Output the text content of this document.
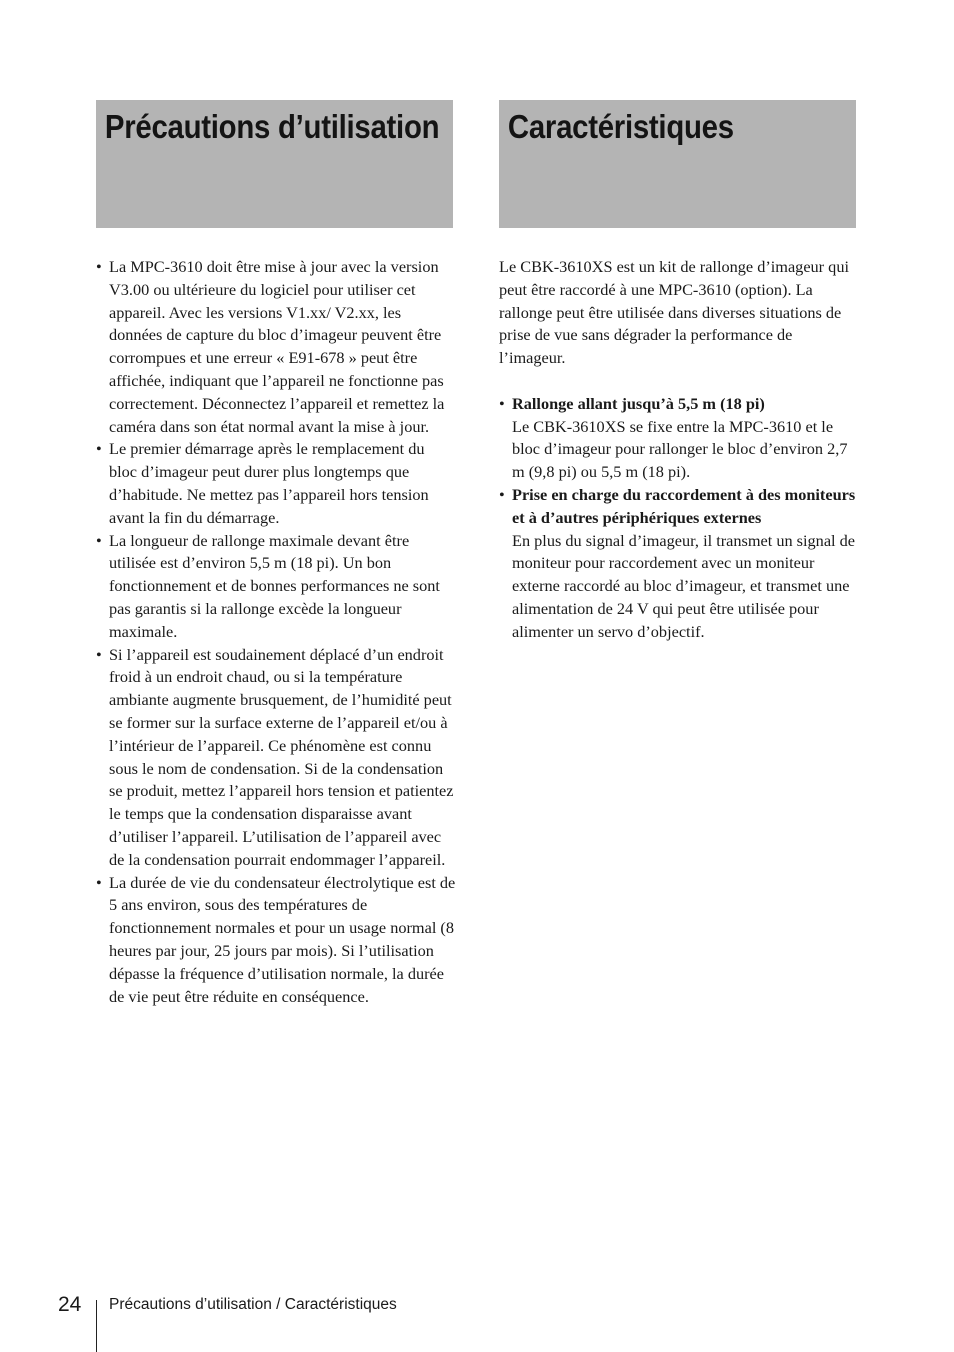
Précautions d’utilisation Caractéristiques
•
La MPC-3610 doit être mise à jour avec la version V3.00 ou ultérieure du logiciel pour utiliser cet appareil. Avec les versions V1.xx/ V2.xx, les données de capture du bloc d’imageur peuvent être corrompues et une erreur « E91-678 » peut être affichée, indiquant que l’appareil ne fonctionne pas correctement. Déconnectez l’appareil et remettez la caméra dans son état normal avant la mise à jour.
•
Le premier démarrage après le remplacement du bloc d’imageur peut durer plus longtemps que d’habitude. Ne mettez pas l’appareil hors tension avant la fin du démarrage.
•
La longueur de rallonge maximale devant être utilisée est d’environ 5,5 m (18 pi). Un bon fonctionnement et de bonnes performances ne sont pas garantis si la rallonge excède la longueur maximale.
•
Si l’appareil est soudainement déplacé d’un endroit froid à un endroit chaud, ou si la température ambiante augmente brusquement, de l’humidité peut se former sur la surface externe de l’appareil et/ou à l’intérieur de l’appareil. Ce phénomène est connu sous le nom de condensation. Si de la condensation se produit, mettez l’appareil hors tension et patientez le temps que la condensation disparaisse avant d’utiliser l’appareil. L’utilisation de l’appareil avec de la condensation pourrait endommager l’appareil.
•
La durée de vie du condensateur électrolytique est de 5 ans environ, sous des températures de fonctionnement normales et pour un usage normal (8 heures par jour, 25 jours par mois). Si l’utilisation dépasse la fréquence d’utilisation normale, la durée de vie peut être réduite en conséquence.

Le CBK-3610XS est un kit de rallonge d’imageur qui peut être raccordé à une MPC-3610 (option). La rallonge peut être utilisée dans diverses situations de prise de vue sans dégrader la performance de l’imageur.

•
Rallonge allant jusqu’à 5,5 m (18 pi)
Le CBK-3610XS se fixe entre la MPC-3610 et le bloc d’imageur pour rallonger le bloc d’environ 2,7 m (9,8 pi) ou 5,5 m (18 pi).
•
Prise en charge du raccordement à des moniteurs et à d’autres périphériques externes
En plus du signal d’imageur, il transmet un signal de moniteur pour raccordement avec un moniteur externe raccordé au bloc d’imageur, et transmet une alimentation de 24 V qui peut être utilisée pour alimenter un servo d’objectif.
24 Précautions d’utilisation / Caractéristiques
